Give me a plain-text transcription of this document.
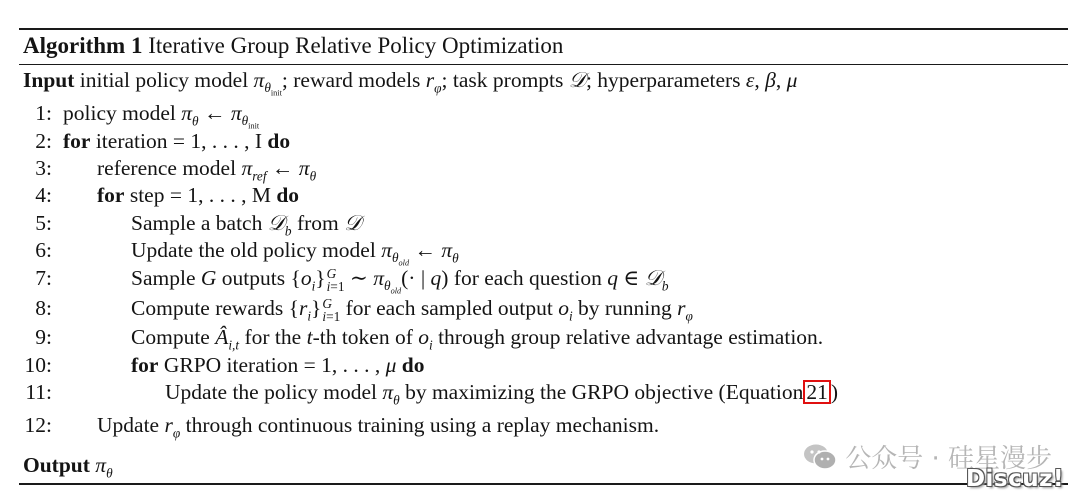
Algorithm 1 Iterative Group Relative Policy Optimization
Input initial policy model $\pi_{\theta_{init}}$; reward models $r_\varphi$; task prompts 𝒟; hyperparameters ε, β, μ
1: policy model $\pi_\theta$ ← $\pi_{\theta_{init}}$
2: for iteration = 1, . . . , I do
3: reference model $\pi_{ref}$ ← $\pi_\theta$
4: for step = 1, . . . , M do
5:	Sample a batch 𝒟$_b$ from 𝒟
6:	Update the old policy model $\pi_{\theta_{old}}$ ← $\pi_\theta$
7:	Sample G outputs $\{o_i\}$ G
i=1 ∼ $\pi_{\theta_{old}}(\cdot$ | q) for each question q ∈ 𝒟$_b$
8:	Compute rewards $\{r_i\}$ G
i=1 for each sampled output $o_i$ by running $r_\varphi$
9:	Compute $Â_{i,t}$ for the t-th token of $o_i$ through group relative advantage estimation.
10:	for GRPO iteration = 1, . . . , μ do
11:	Update the policy model $\pi_\theta$ by maximizing the GRPO objective (Equation 21 )
12: Update $r_\varphi$ through continuous training using a replay mechanism.
Output $\pi_\theta$	公众号 · 硅星漫步
Discuz!
